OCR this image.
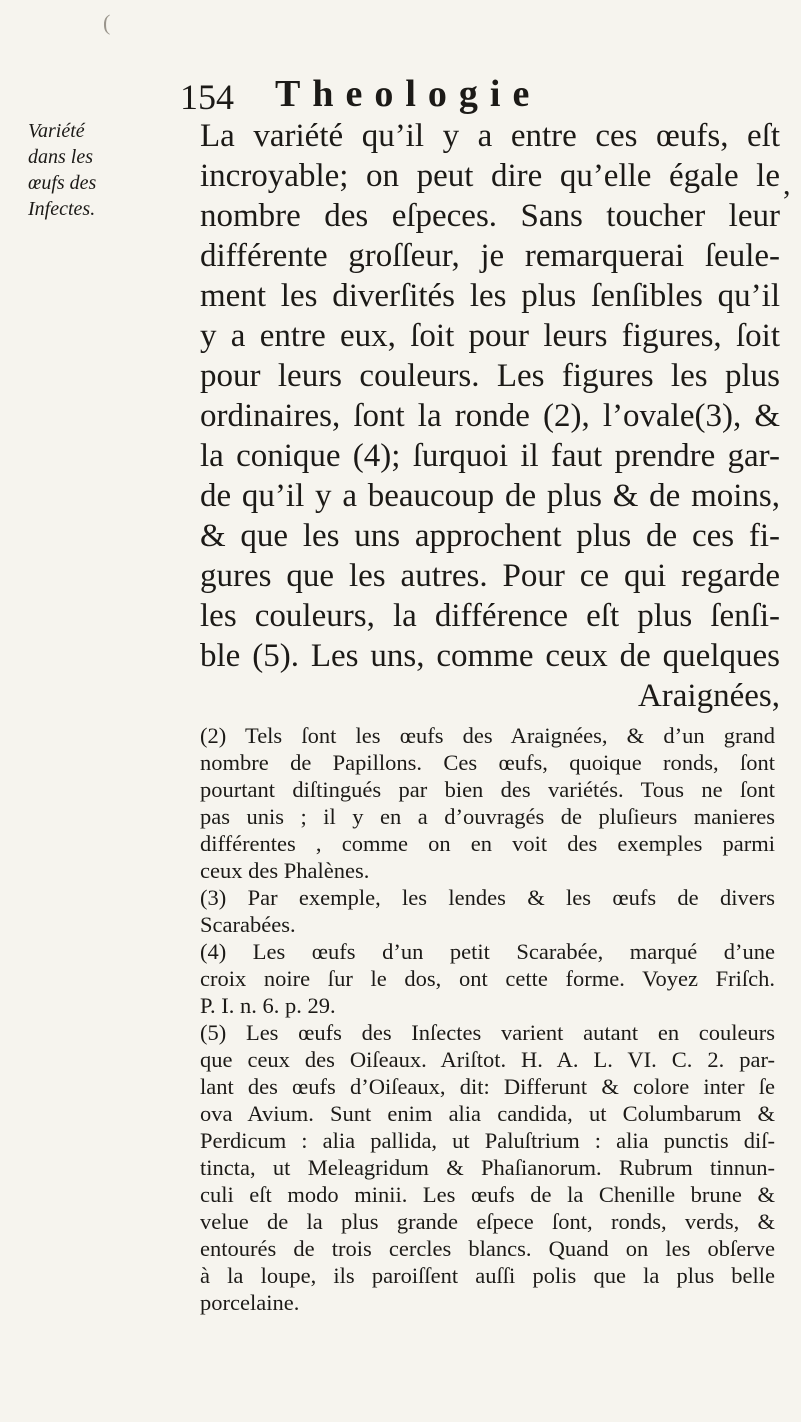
(
154 Theologie
Variété
dans les
œufs des
Infectes.
,
La variété qu’il y a entre ces œufs, eſt
incroyable; on peut dire qu’elle égale le
nombre des eſpeces. Sans toucher leur
différente groſſeur, je remarquerai ſeule-
ment les diverſités les plus ſenſibles qu’il
y a entre eux, ſoit pour leurs figures, ſoit
pour leurs couleurs. Les figures les plus
ordinaires, ſont la ronde (2), l’ovale(3), &
la conique (4); ſurquoi il faut prendre gar-
de qu’il y a beaucoup de plus & de moins,
& que les uns approchent plus de ces fi-
gures que les autres. Pour ce qui regarde
les couleurs, la différence eſt plus ſenſi-
ble (5). Les uns, comme ceux de quelques
Araignées,
(2) Tels ſont les œufs des Araignées, & d’un grand
nombre de Papillons. Ces œufs, quoique ronds, ſont
pourtant diſtingués par bien des variétés. Tous ne ſont
pas unis ; il y en a d’ouvragés de pluſieurs manieres
différentes , comme on en voit des exemples parmi
ceux des Phalènes.
(3) Par exemple, les lendes & les œufs de divers
Scarabées.
(4) Les œufs d’un petit Scarabée, marqué d’une
croix noire ſur le dos, ont cette forme. Voyez Friſch.
P. I. n. 6. p. 29.
(5) Les œufs des Inſectes varient autant en couleurs
que ceux des Oiſeaux. Ariſtot. H. A. L. VI. C. 2. par-
lant des œufs d’Oiſeaux, dit: Differunt & colore inter ſe
ova Avium. Sunt enim alia candida, ut Columbarum &
Perdicum : alia pallida, ut Paluſtrium : alia punctis diſ-
tincta, ut Meleagridum & Phaſianorum. Rubrum tinnun-
culi eſt modo minii. Les œufs de la Chenille brune &
velue de la plus grande eſpece ſont, ronds, verds, &
entourés de trois cercles blancs. Quand on les obſerve
à la loupe, ils paroiſſent auſſi polis que la plus belle
porcelaine.
